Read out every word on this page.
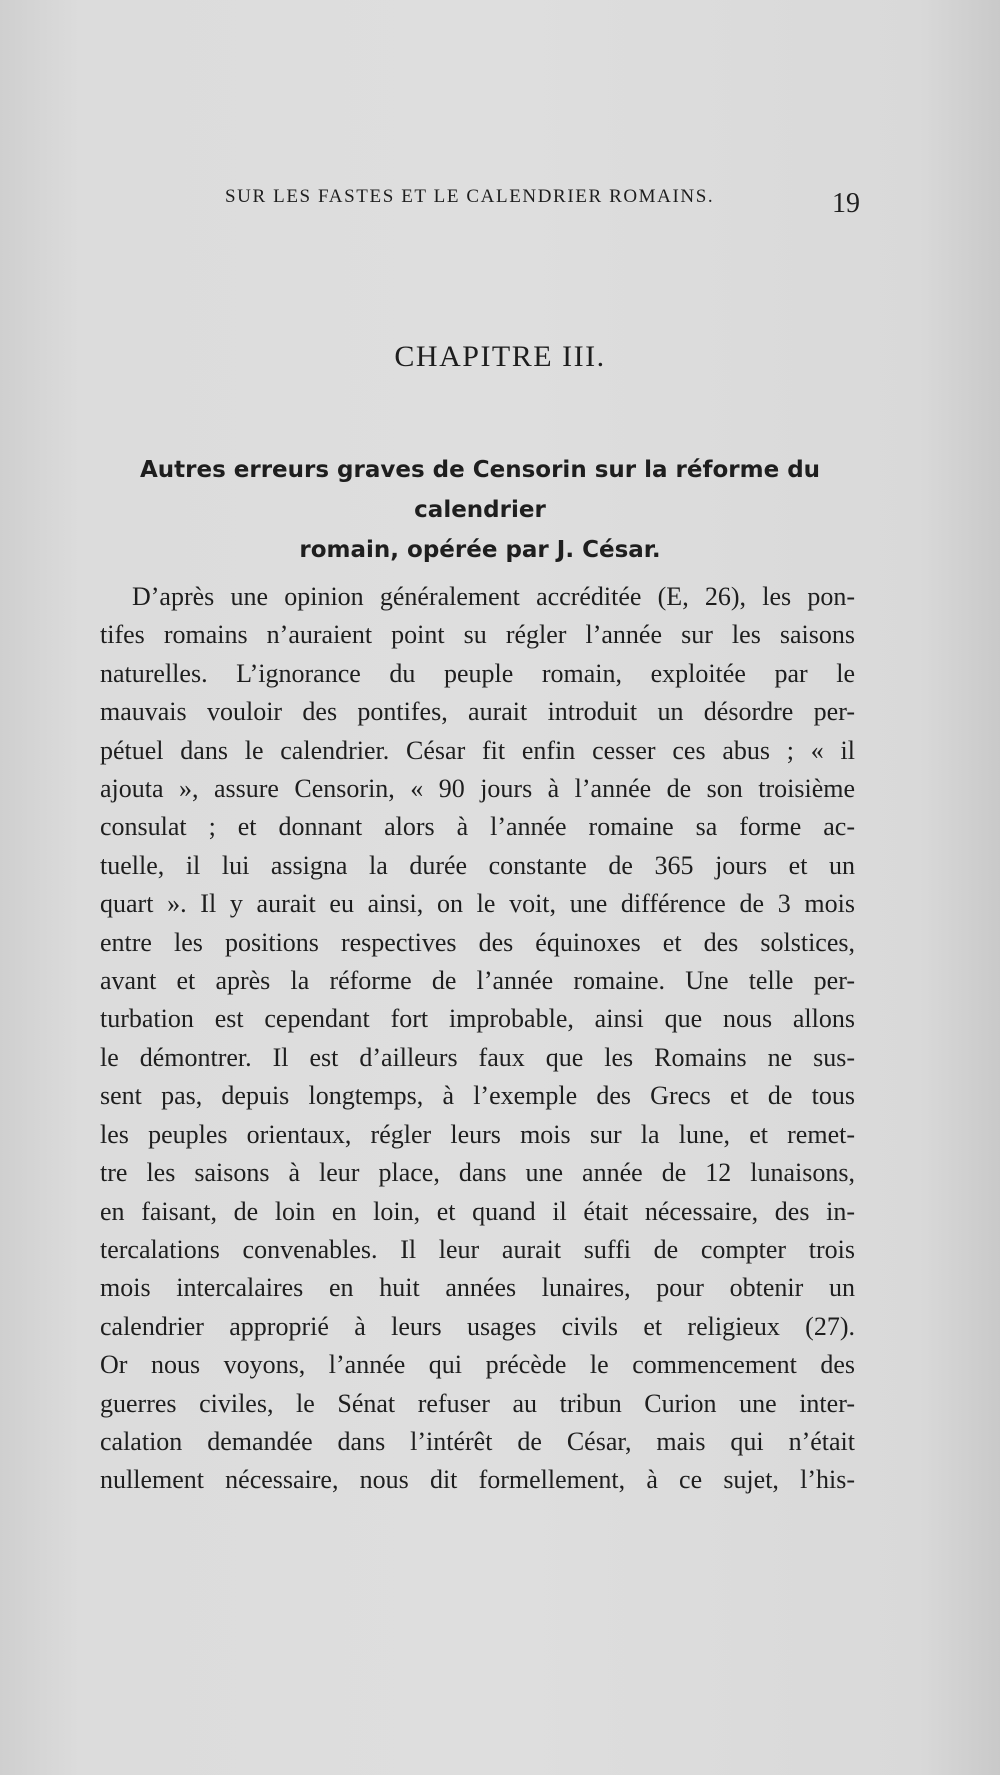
SUR LES FASTES ET LE CALENDRIER ROMAINS.	19
CHAPITRE III.
Autres erreurs graves de Censorin sur la réforme du calendrier
romain, opérée par J. César.
D’après une opinion généralement accréditée (E, 26), les pon-
tifes romains n’auraient point su régler l’année sur les saisons
naturelles. L’ignorance du peuple romain, exploitée par le
mauvais vouloir des pontifes, aurait introduit un désordre per-
pétuel dans le calendrier. César fit enfin cesser ces abus ; « il
ajouta », assure Censorin, « 90 jours à l’année de son troisième
consulat ; et donnant alors à l’année romaine sa forme ac-
tuelle, il lui assigna la durée constante de 365 jours et un
quart ». Il y aurait eu ainsi, on le voit, une différence de 3 mois
entre les positions respectives des équinoxes et des solstices,
avant et après la réforme de l’année romaine. Une telle per-
turbation est cependant fort improbable, ainsi que nous allons
le démontrer. Il est d’ailleurs faux que les Romains ne sus-
sent pas, depuis longtemps, à l’exemple des Grecs et de tous
les peuples orientaux, régler leurs mois sur la lune, et remet-
tre les saisons à leur place, dans une année de 12 lunaisons,
en faisant, de loin en loin, et quand il était nécessaire, des in-
tercalations convenables. Il leur aurait suffi de compter trois
mois intercalaires en huit années lunaires, pour obtenir un
calendrier approprié à leurs usages civils et religieux (27).
Or nous voyons, l’année qui précède le commencement des
guerres civiles, le Sénat refuser au tribun Curion une inter-
calation demandée dans l’intérêt de César, mais qui n’était
nullement nécessaire, nous dit formellement, à ce sujet, l’his-
